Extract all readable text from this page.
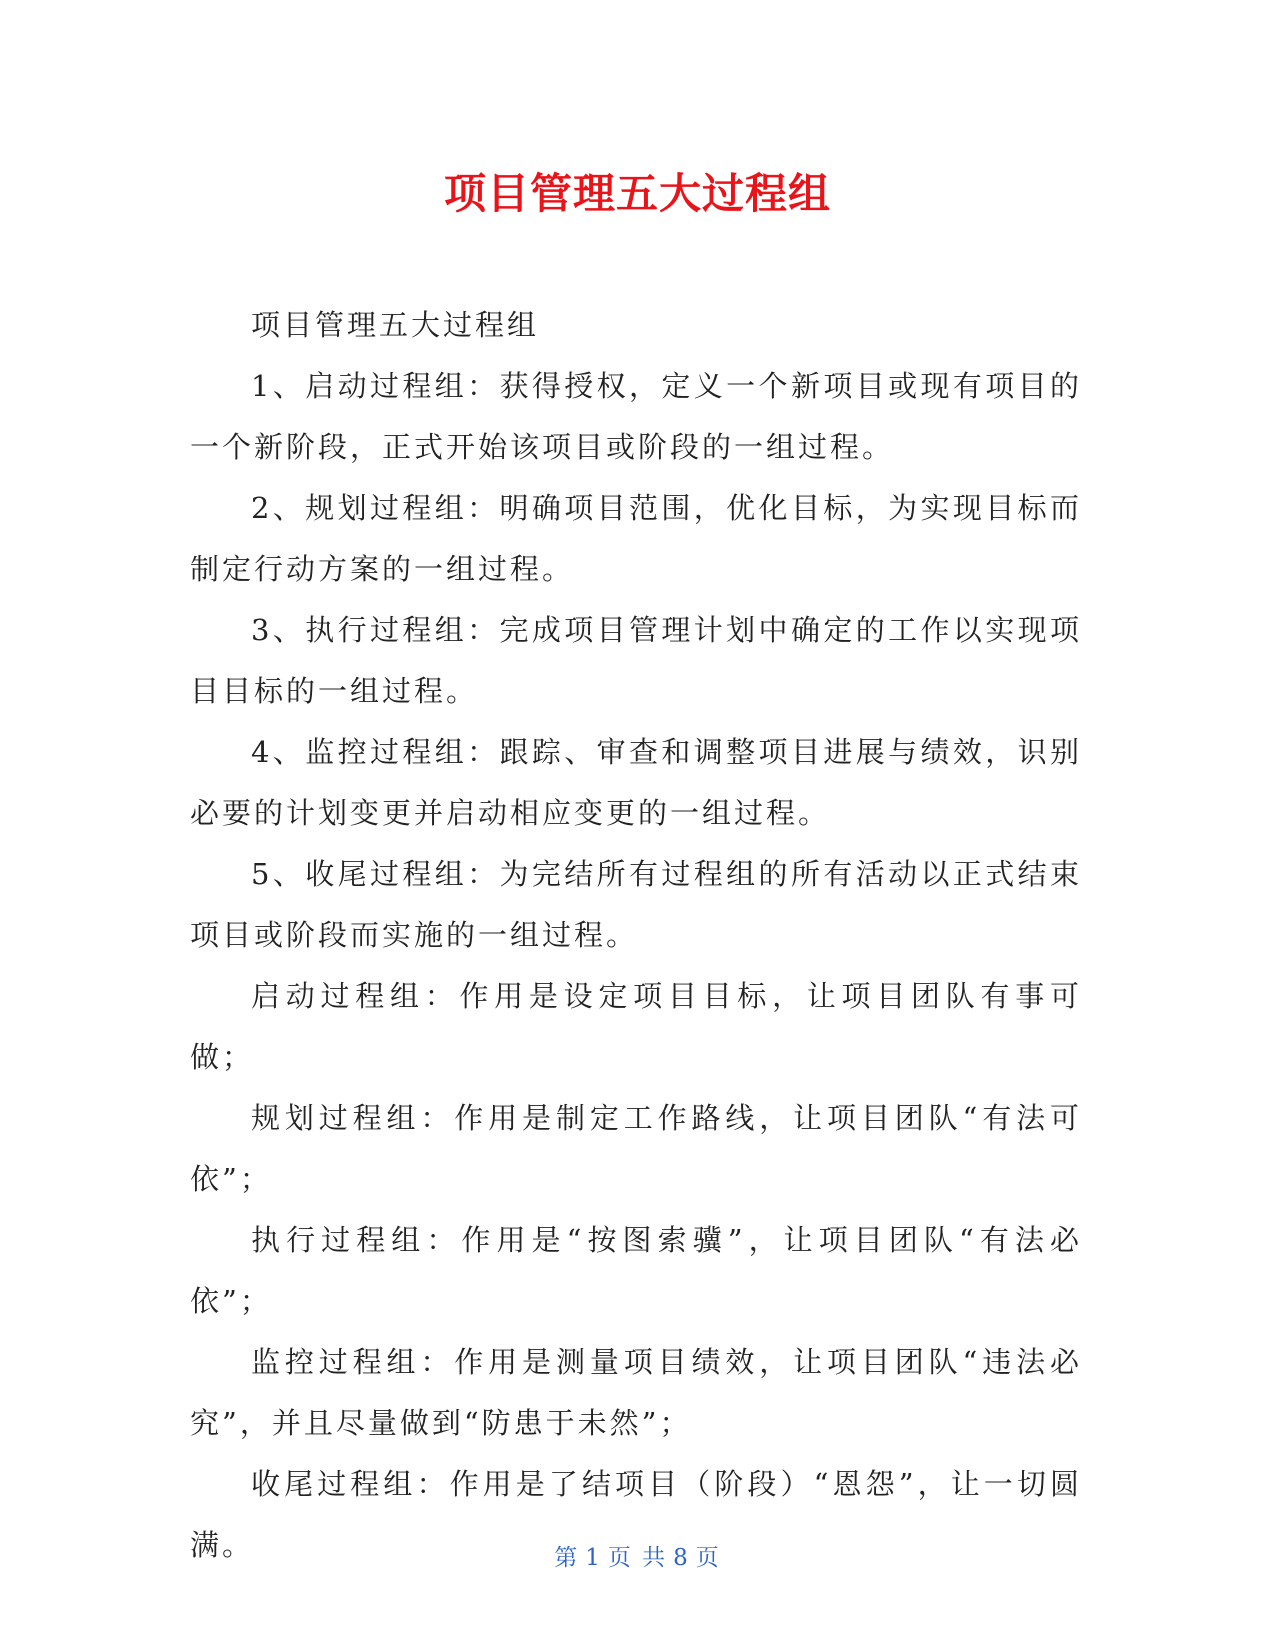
项目管理五大过程组

项目管理五大过程组

1、启动过程组：获得授权，定义一个新项目或现有项目的一个新阶段，正式开始该项目或阶段的一组过程。

2、规划过程组：明确项目范围，优化目标，为实现目标而制定行动方案的一组过程。

3、执行过程组：完成项目管理计划中确定的工作以实现项目目标的一组过程。

4、监控过程组：跟踪、审查和调整项目进展与绩效，识别必要的计划变更并启动相应变更的一组过程。

5、收尾过程组：为完结所有过程组的所有活动以正式结束项目或阶段而实施的一组过程。

启动过程组：作用是设定项目目标，让项目团队有事可做；

规划过程组：作用是制定工作路线，让项目团队“有法可依”；

执行过程组：作用是“按图索骥”，让项目团队“有法必依”；

监控过程组：作用是测量项目绩效，让项目团队“违法必究”，并且尽量做到“防患于未然”；

收尾过程组：作用是了结项目（阶段）“恩怨”，让一切圆满。	第 1 页 共 8 页
